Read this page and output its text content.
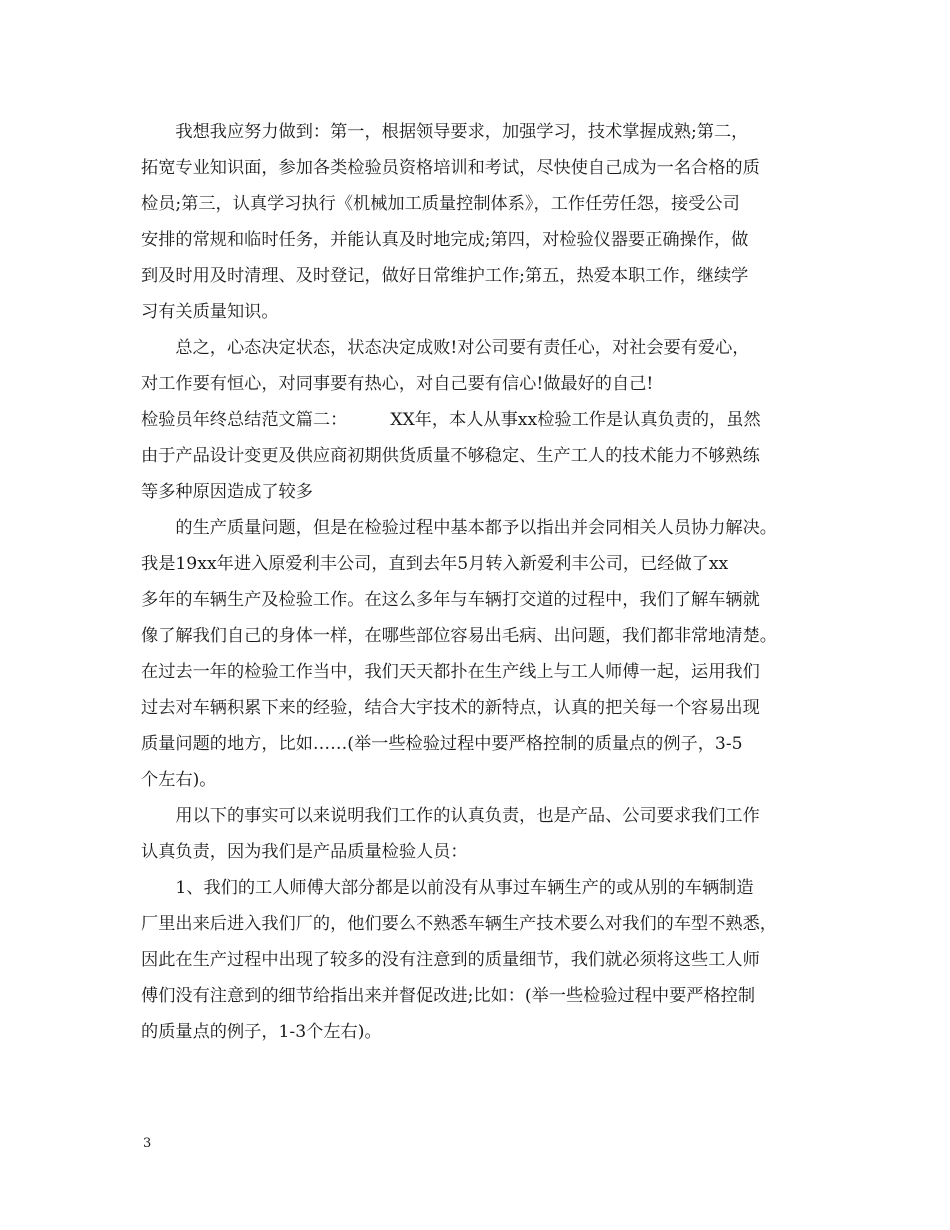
　　我想我应努力做到：第一，根据领导要求，加强学习，技术掌握成熟;第二，
拓宽专业知识面，参加各类检验员资格培训和考试，尽快使自己成为一名合格的质
检员;第三，认真学习执行《机械加工质量控制体系》，工作任劳任怨，接受公司
安排的常规和临时任务，并能认真及时地完成;第四，对检验仪器要正确操作，做
到及时用及时清理、及时登记，做好日常维护工作;第五，热爱本职工作，继续学
习有关质量知识。
　　总之，心态决定状态，状态决定成败!对公司要有责任心，对社会要有爱心，
对工作要有恒心，对同事要有热心，对自己要有信心!做最好的自己!
检验员年终总结范文篇二：　　　XX年，本人从事xx检验工作是认真负责的，虽然
由于产品设计变更及供应商初期供货质量不够稳定、生产工人的技术能力不够熟练
等多种原因造成了较多
　　的生产质量问题，但是在检验过程中基本都予以指出并会同相关人员协力解决。
我是19xx年进入原爱利丰公司，直到去年5月转入新爱利丰公司，已经做了xx
多年的车辆生产及检验工作。在这么多年与车辆打交道的过程中，我们了解车辆就
像了解我们自己的身体一样，在哪些部位容易出毛病、出问题，我们都非常地清楚。
在过去一年的检验工作当中，我们天天都扑在生产线上与工人师傅一起，运用我们
过去对车辆积累下来的经验，结合大宇技术的新特点，认真的把关每一个容易出现
质量问题的地方，比如……(举一些检验过程中要严格控制的质量点的例子，3-5
个左右)。
　　用以下的事实可以来说明我们工作的认真负责，也是产品、公司要求我们工作
认真负责，因为我们是产品质量检验人员：
　　1、我们的工人师傅大部分都是以前没有从事过车辆生产的或从别的车辆制造
厂里出来后进入我们厂的，他们要么不熟悉车辆生产技术要么对我们的车型不熟悉，
因此在生产过程中出现了较多的没有注意到的质量细节，我们就必须将这些工人师
傅们没有注意到的细节给指出来并督促改进;比如：(举一些检验过程中要严格控制
的质量点的例子，1-3个左右)。
3
